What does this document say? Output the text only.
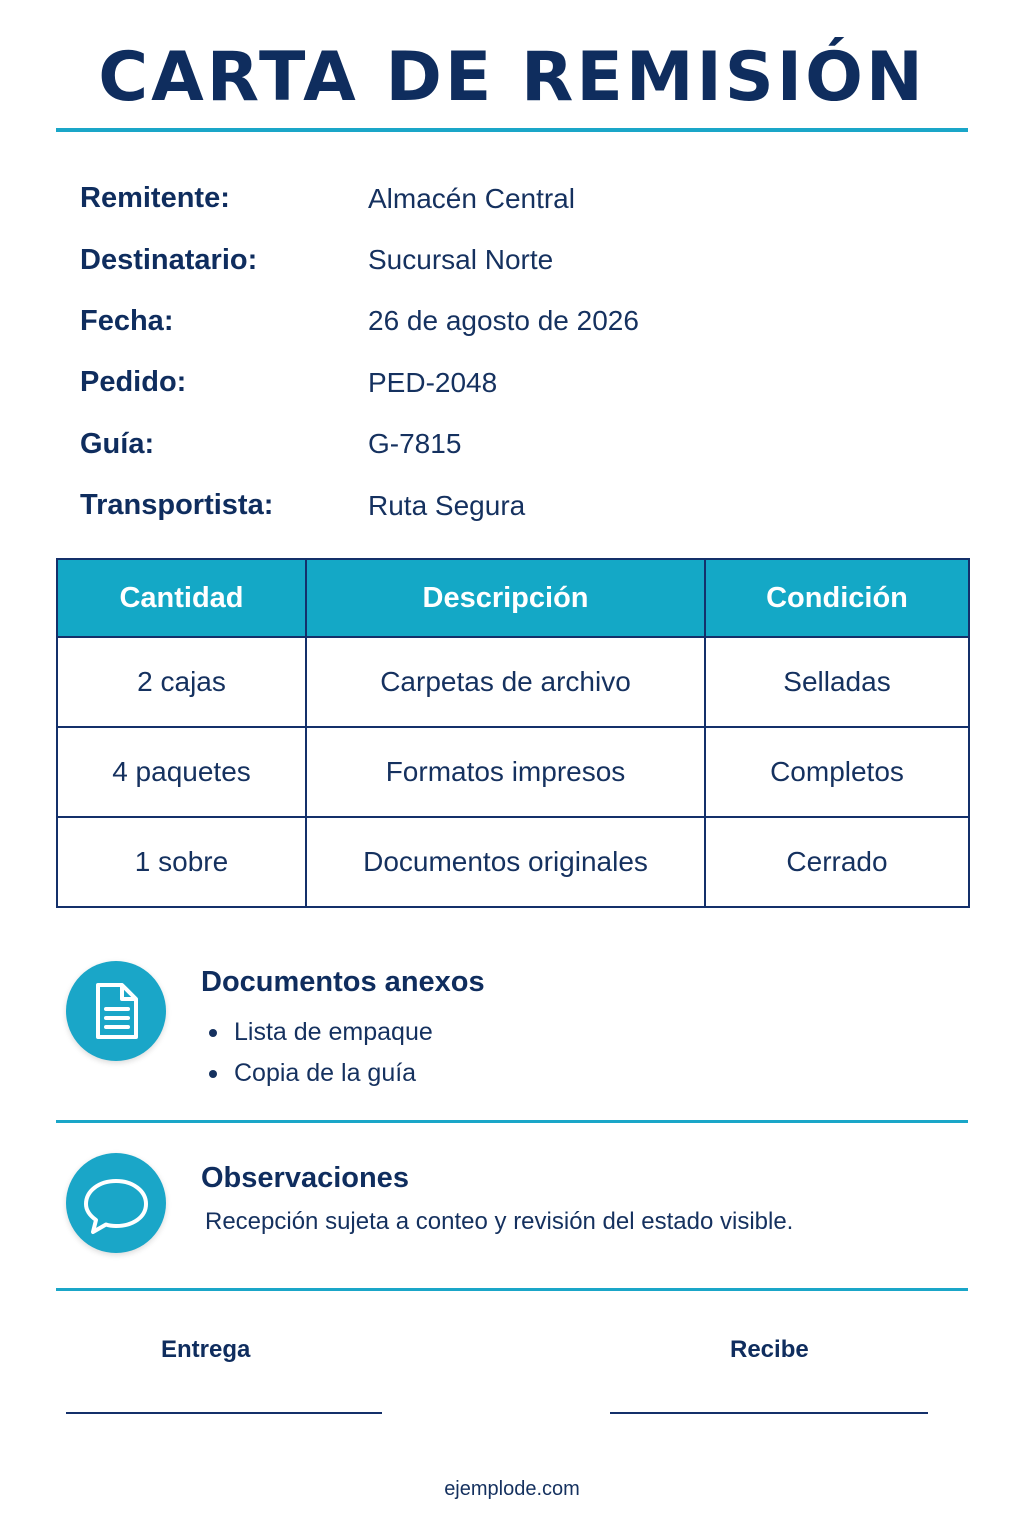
CARTA DE REMISIÓN
Remitente:	Almacén Central
Destinatario:	Sucursal Norte
Fecha:	26 de agosto de 2026
Pedido:	PED-2048
Guía:	G-7815
Transportista:	Ruta Segura
Cantidad	Descripción	Condición
2 cajas	Carpetas de archivo	Selladas
4 paquetes	Formatos impresos	Completos
1 sobre	Documentos originales	Cerrado
Documentos anexos
Lista de empaque
Copia de la guía
Observaciones
Recepción sujeta a conteo y revisión del estado visible.
Entrega	Recibe
ejemplode.com
